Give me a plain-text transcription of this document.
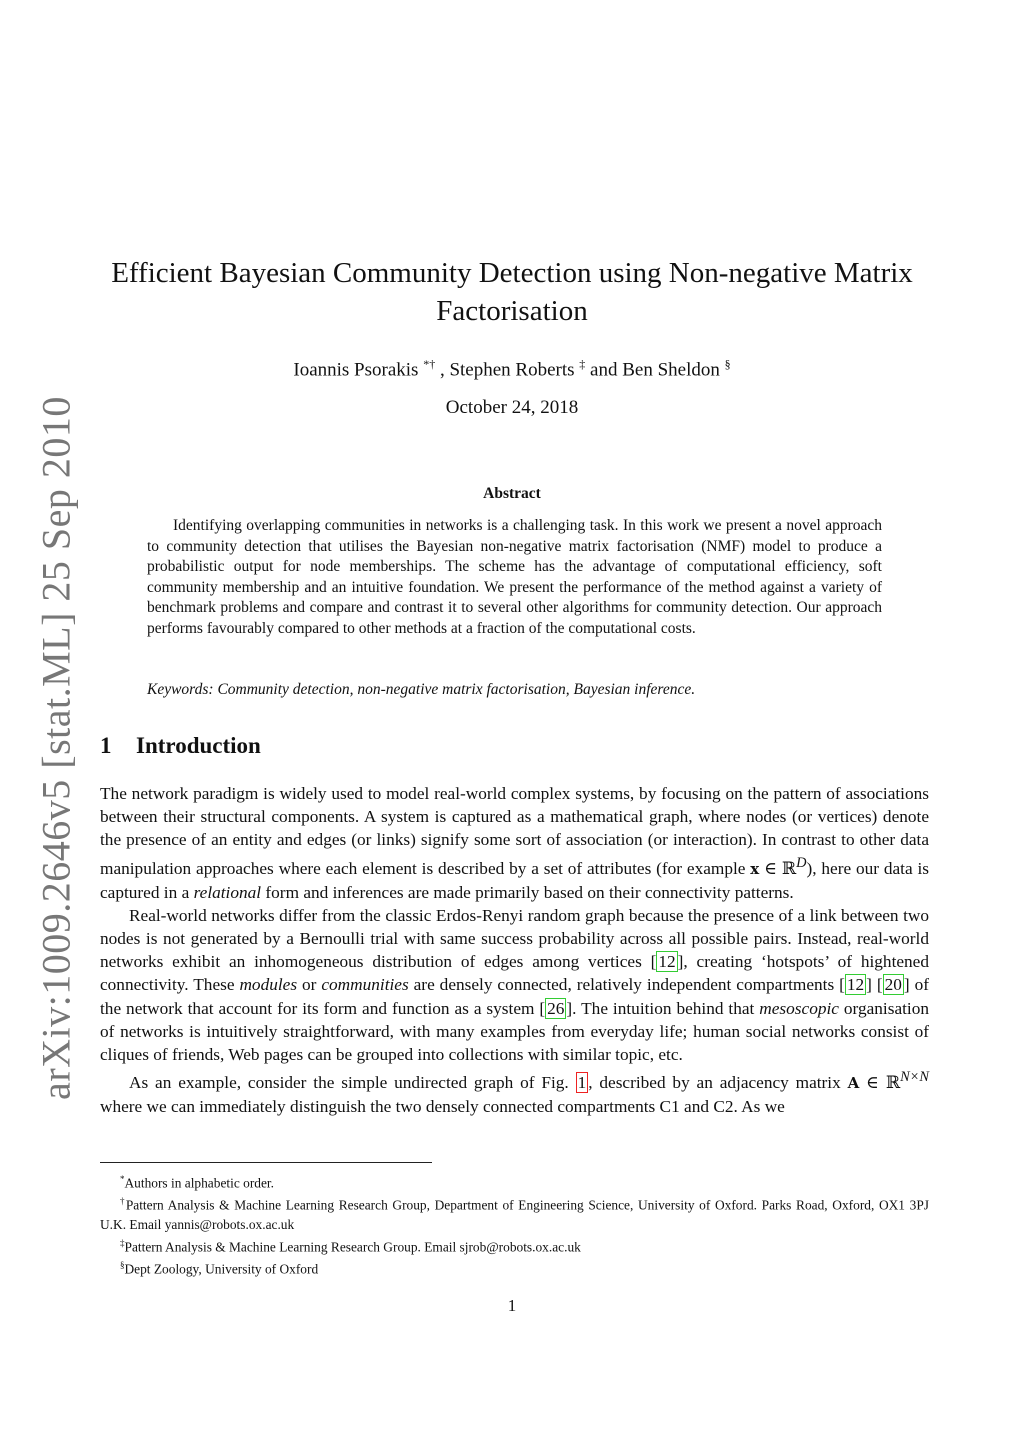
arXiv:1009.2646v5 [stat.ML] 25 Sep 2010
Efficient Bayesian Community Detection using Non-negative Matrix
Factorisation
Ioannis Psorakis *† , Stephen Roberts ‡ and Ben Sheldon §
October 24, 2018
Abstract

Identifying overlapping communities in networks is a challenging task. In this work we present a novel approach to community detection that utilises the Bayesian non-negative matrix factorisation (NMF) model to produce a probabilistic output for node memberships. The scheme has the advantage of computational efficiency, soft community membership and an intuitive foundation. We present the performance of the method against a variety of benchmark problems and compare and contrast it to several other algorithms for community detection. Our approach performs favourably compared to other methods at a fraction of the computational costs.

Keywords: Community detection, non-negative matrix factorisation, Bayesian inference.

1 Introduction

The network paradigm is widely used to model real-world complex systems, by focusing on the pattern of associations between their structural components. A system is captured as a mathematical graph, where nodes (or vertices) denote the presence of an entity and edges (or links) signify some sort of association (or interaction). In contrast to other data manipulation approaches where each element is described by a set of attributes (for example x ∈ ℝ$^D$), here our data is captured in a relational form and inferences are made primarily based on their connectivity patterns.

Real-world networks differ from the classic Erdos-Renyi random graph because the presence of a link between two nodes is not generated by a Bernoulli trial with same success probability across all possible pairs. Instead, real-world networks exhibit an inhomogeneous distribution of edges among vertices [ 12 ], creating ‘hotspots’ of hightened connectivity. These modules or communities are densely connected, relatively independent compartments [ 12 ] [ 20 ] of the network that account for its form and function as a system [ 26 ]. The intuition behind that mesoscopic organisation of networks is intuitively straightforward, with many examples from everyday life; human social networks consist of cliques of friends, Web pages can be grouped into collections with similar topic, etc.

As an example, consider the simple undirected graph of Fig. 1 , described by an adjacency matrix A ∈ ℝ$^{N\times N}$ where we can immediately distinguish the two densely connected compartments C1 and C2. As we

*Authors in alphabetic order.

†Pattern Analysis & Machine Learning Research Group, Department of Engineering Science, University of Oxford. Parks Road, Oxford, OX1 3PJ U.K. Email yannis@robots.ox.ac.uk

‡Pattern Analysis & Machine Learning Research Group. Email sjrob@robots.ox.ac.uk

§Dept Zoology, University of Oxford

1
